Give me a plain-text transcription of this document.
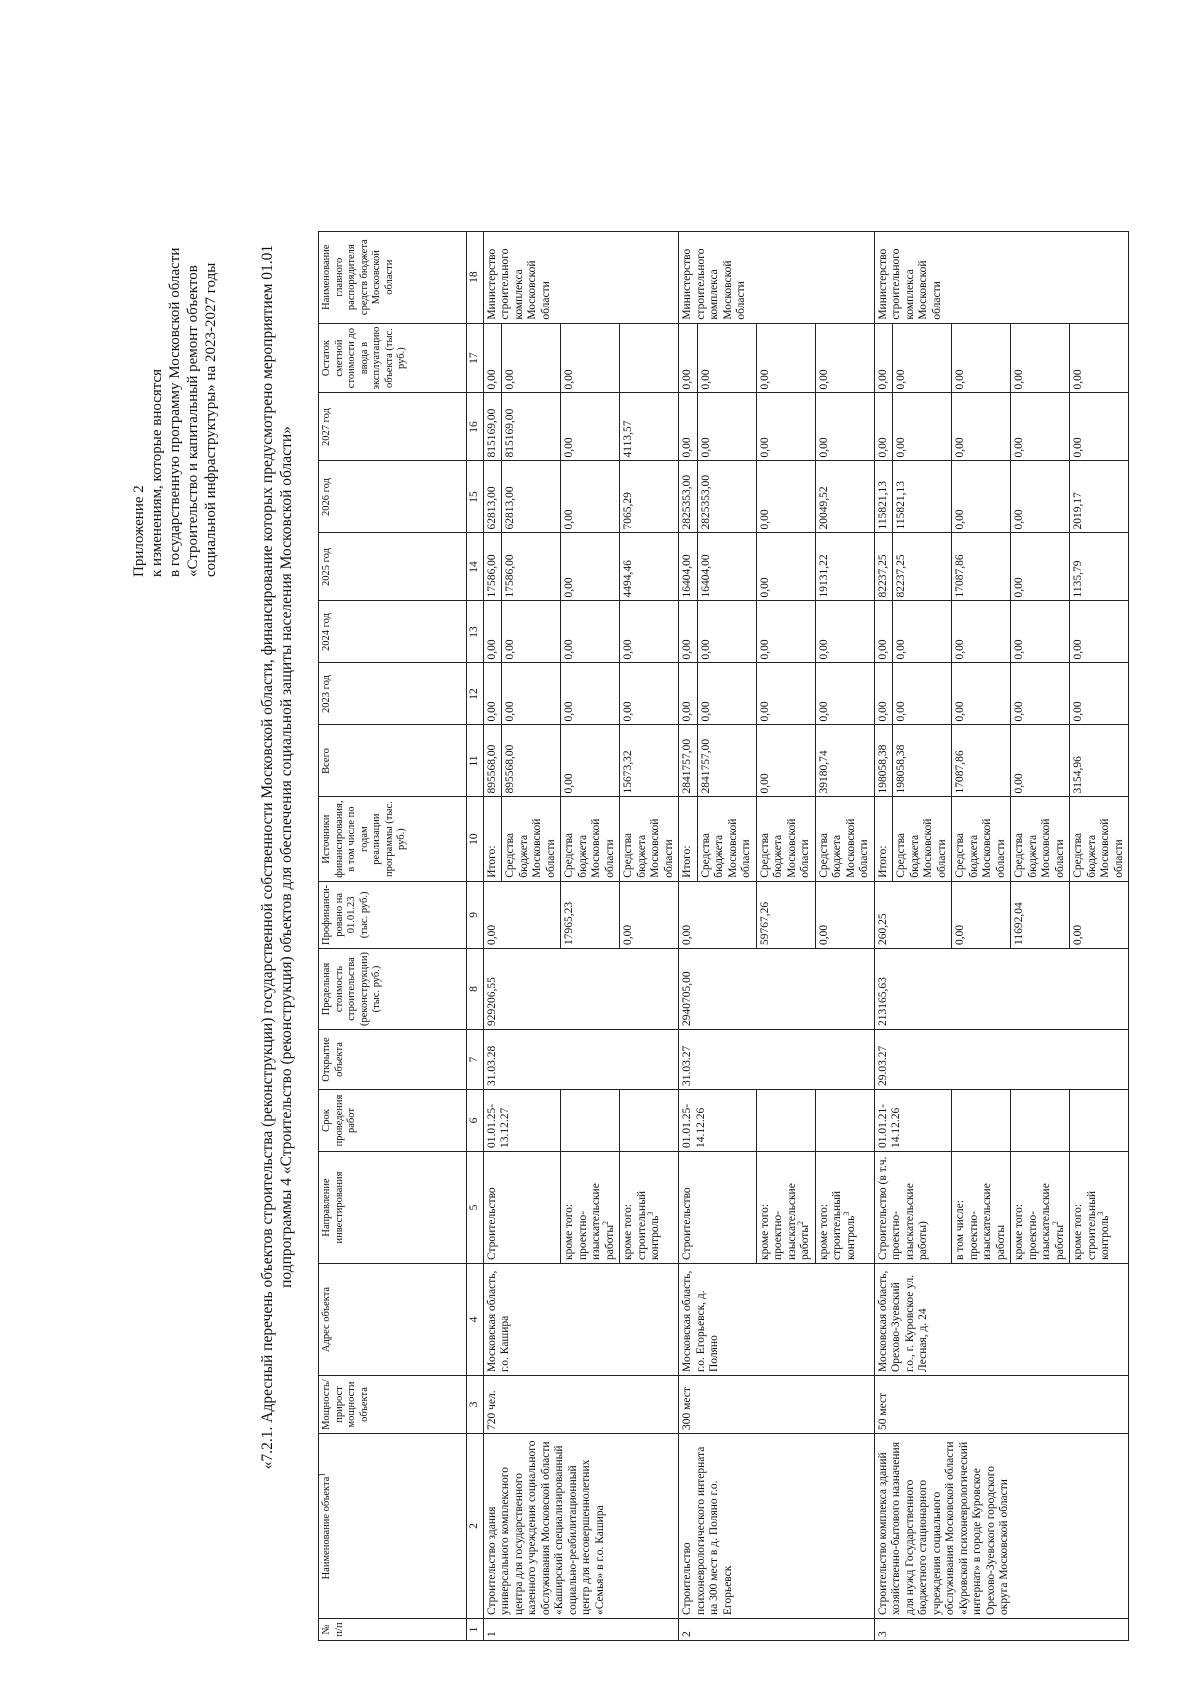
Приложение 2 к изменениям, которые вносятся в государственную программу Московской области «Строительство и капитальный ремонт объектов социальной инфраструктуры» на 2023-2027 годы	«7.2.1. Адресный перечень объектов строительства (реконструкции) государственной собственности Московской области, финансирование которых предусмотрено мероприятием 01.01 подпрограммы 4 «Строительство (реконструкция) объектов для обеспечения социальной защиты населения Московской области»
№ п/п	Наименование объекта$^1$	Мощность/ прирост мощности объекта	Адрес объекта	Направление инвестирования	Срок проведения работ	Открытие объекта	Предельная стоимость строительства (реконструкции) (тыс. руб.)	Профинанси-ровано на 01.01.23 (тыс. руб.)	Источники финансирования, в том числе по годам реализации программы (тыс. руб.)	Всего	2023 год	2024 год	2025 год	2026 год	2027 год	Остаток сметной стоимости до ввода в эксплуатацию объекта (тыс. руб.)	Наименование главного распорядителя средств бюджета Московской области
1	2	3	4	5	6	7	8	9	10	11	12	13	14	15	16	17	18
1	Строительство здания универсального комплексного центра для государственного казенного учреждения социального обслуживания Московской области «Каширский специализированный социально-реабилитационный центр для несовершеннолетних «Семья» в г.о. Кашира	720 чел.	Московская область, г.о. Кашира	Строительство	01.01.25-13.12.27	31.03.28	929206,55	0,00	Итого:	895568,00	0,00	0,00	17586,00	62813,00	815169,00	0,00	Министерство строительного комплекса Московской области
									Средства бюджета Московской области	895568,00	0,00	0,00	17586,00	62813,00	815169,00	0,00	
				кроме того: проектно-изыскательские работы$^2$				17965,23	Средства бюджета Московской области	0,00	0,00	0,00	0,00	0,00	0,00	0,00	
				кроме того: строительный контроль$^3$				0,00	Средства бюджета Московской области	15673,32	0,00	0,00	4494,46	7065,29	4113,57		
2	Строительство психоневрологического интерната на 300 мест в д. Поляно г.о. Егорьевск	300 мест	Московская область, г.о. Егорьевск, д. Поляно	Строительство	01.01.25-14.12.26	31.03.27	2940705,00	0,00	Итого:	2841757,00	0,00	0,00	16404,00	2825353,00	0,00	0,00	Министерство строительного комплекса Московской области
									Средства бюджета Московской области	2841757,00	0,00	0,00	16404,00	2825353,00	0,00	0,00	
				кроме того: проектно-изыскательские работы$^2$				59767,26	Средства бюджета Московской области	0,00	0,00	0,00	0,00	0,00	0,00	0,00	
				кроме того: строительный контроль$^3$				0,00	Средства бюджета Московской области	39180,74	0,00	0,00	19131,22	20049,52	0,00	0,00	
3	Строительство комплекса зданий хозяйственно-бытового назначения для нужд Государственного бюджетного стационарного учреждения социального обслуживания Московской области «Куровской психоневрологический интернат» в городе Куровское Орехово-Зуевского городского округа Московской области	50 мест	Московская область, Орехово-Зуевский г.о., г. Куровское ул. Лесная, д. 24	Строительство (в т.ч. проектно-изыскательские работы)	01.01.21-14.12.26	29.03.27	213165,63	260,25	Итого:	198058,38	0,00	0,00	82237,25	115821,13	0,00	0,00	Министерство строительного комплекса Московской области
									Средства бюджета Московской области	198058,38	0,00	0,00	82237,25	115821,13	0,00	0,00	
				в том числе: проектно-изыскательские работы				0,00	Средства бюджета Московской области	17087,86	0,00	0,00	17087,86	0,00	0,00	0,00	
				кроме того: проектно-изыскательские работы$^2$				11692,04	Средства бюджета Московской области	0,00	0,00	0,00	0,00	0,00	0,00	0,00	
				кроме того: строительный контроль$^3$				0,00	Средства бюджета Московской области	3154,96	0,00	0,00	1135,79	2019,17	0,00	0,00	
